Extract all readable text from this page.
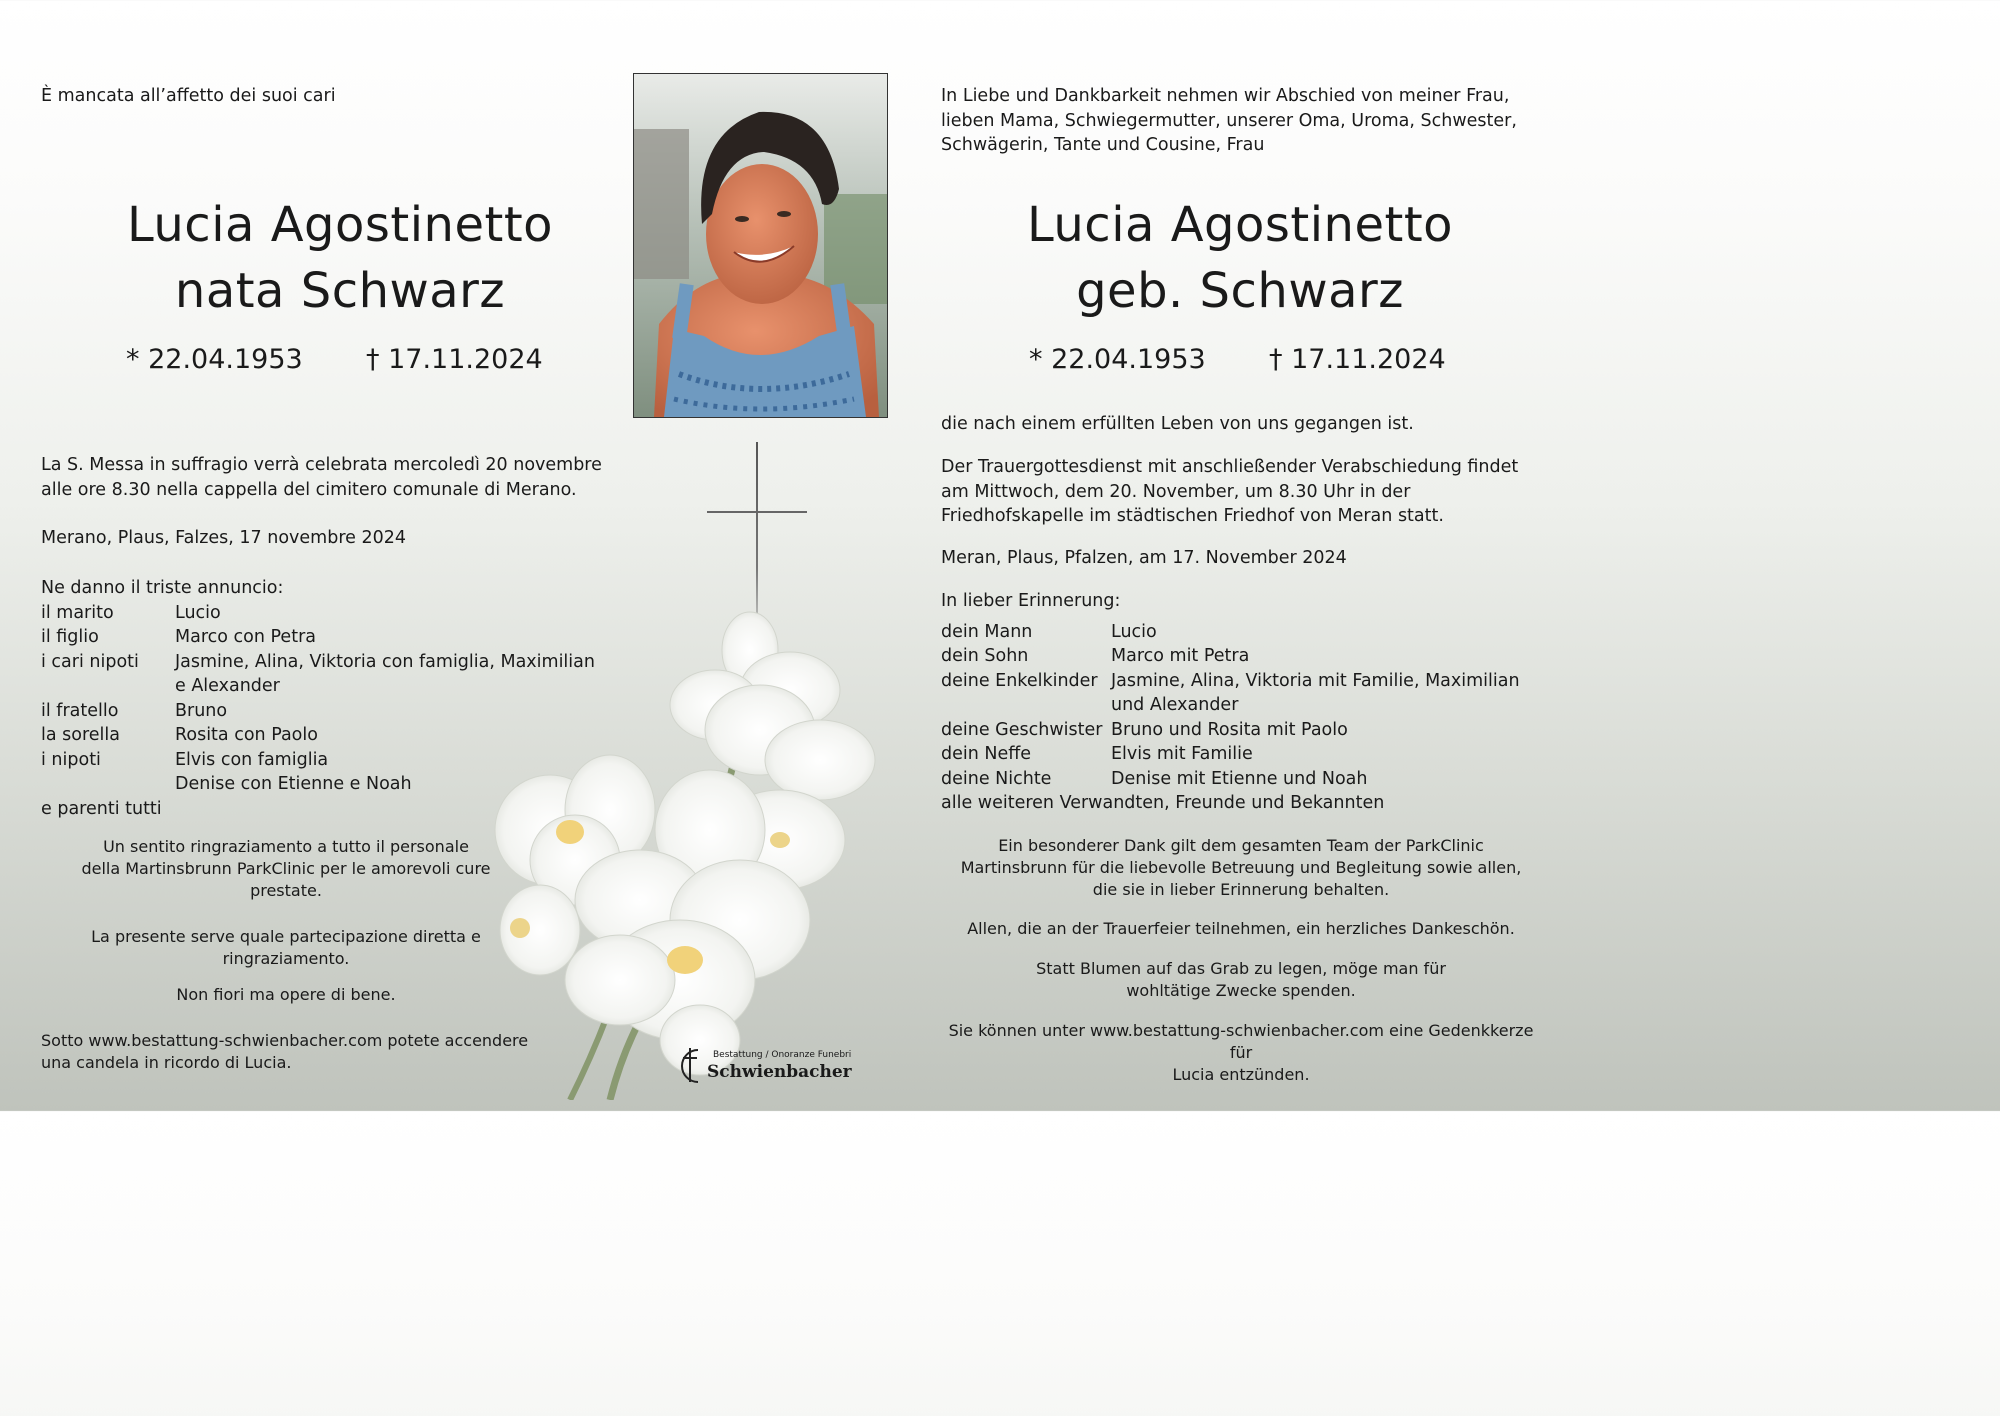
È mancata all’affetto dei suoi cari
Lucia Agostinetto
nata Schwarz
* 22.04.1953 † 17.11.2024
La S. Messa in suffragio verrà celebrata mercoledì 20 novembre
alle ore 8.30 nella cappella del cimitero comunale di Merano.
Merano, Plaus, Falzes, 17 novembre 2024
Ne danno il triste annuncio:
il marito	Lucio
il figlio	Marco con Petra
i cari nipoti	Jasmine, Alina, Viktoria con famiglia, Maximilian
e Alexander
il fratello	Bruno
la sorella	Rosita con Paolo
i nipoti	Elvis con famiglia
Denise con Etienne e Noah
e parenti tutti
Un sentito ringraziamento a tutto il personale
della Martinsbrunn ParkClinic per le amorevoli cure
prestate.
La presente serve quale partecipazione diretta e
ringraziamento.
Non fiori ma opere di bene.
Sotto www.bestattung-schwienbacher.com potete accendere
una candela in ricordo di Lucia.	Bestattung / Onoranze Funebri
Schwienbacher
In Liebe und Dankbarkeit nehmen wir Abschied von meiner Frau,
lieben Mama, Schwiegermutter, unserer Oma, Uroma, Schwester,
Schwägerin, Tante und Cousine, Frau
Lucia Agostinetto
geb. Schwarz
* 22.04.1953 † 17.11.2024
die nach einem erfüllten Leben von uns gegangen ist.
Der Trauergottesdienst mit anschließender Verabschiedung findet
am Mittwoch, dem 20. November, um 8.30 Uhr in der
Friedhofskapelle im städtischen Friedhof von Meran statt.
Meran, Plaus, Pfalzen, am 17. November 2024
In lieber Erinnerung:
dein Mann	Lucio
dein Sohn	Marco mit Petra
deine Enkelkinder Jasmine, Alina, Viktoria mit Familie, Maximilian
und Alexander
deine Geschwister Bruno und Rosita mit Paolo
dein Neffe	Elvis mit Familie
deine Nichte	Denise mit Etienne und Noah
alle weiteren Verwandten, Freunde und Bekannten
Ein besonderer Dank gilt dem gesamten Team der ParkClinic
Martinsbrunn für die liebevolle Betreuung und Begleitung sowie allen,
die sie in lieber Erinnerung behalten.
Allen, die an der Trauerfeier teilnehmen, ein herzliches Dankeschön.
Statt Blumen auf das Grab zu legen, möge man für
wohltätige Zwecke spenden.
Sie können unter www.bestattung-schwienbacher.com eine Gedenkkerze für
Lucia entzünden.
